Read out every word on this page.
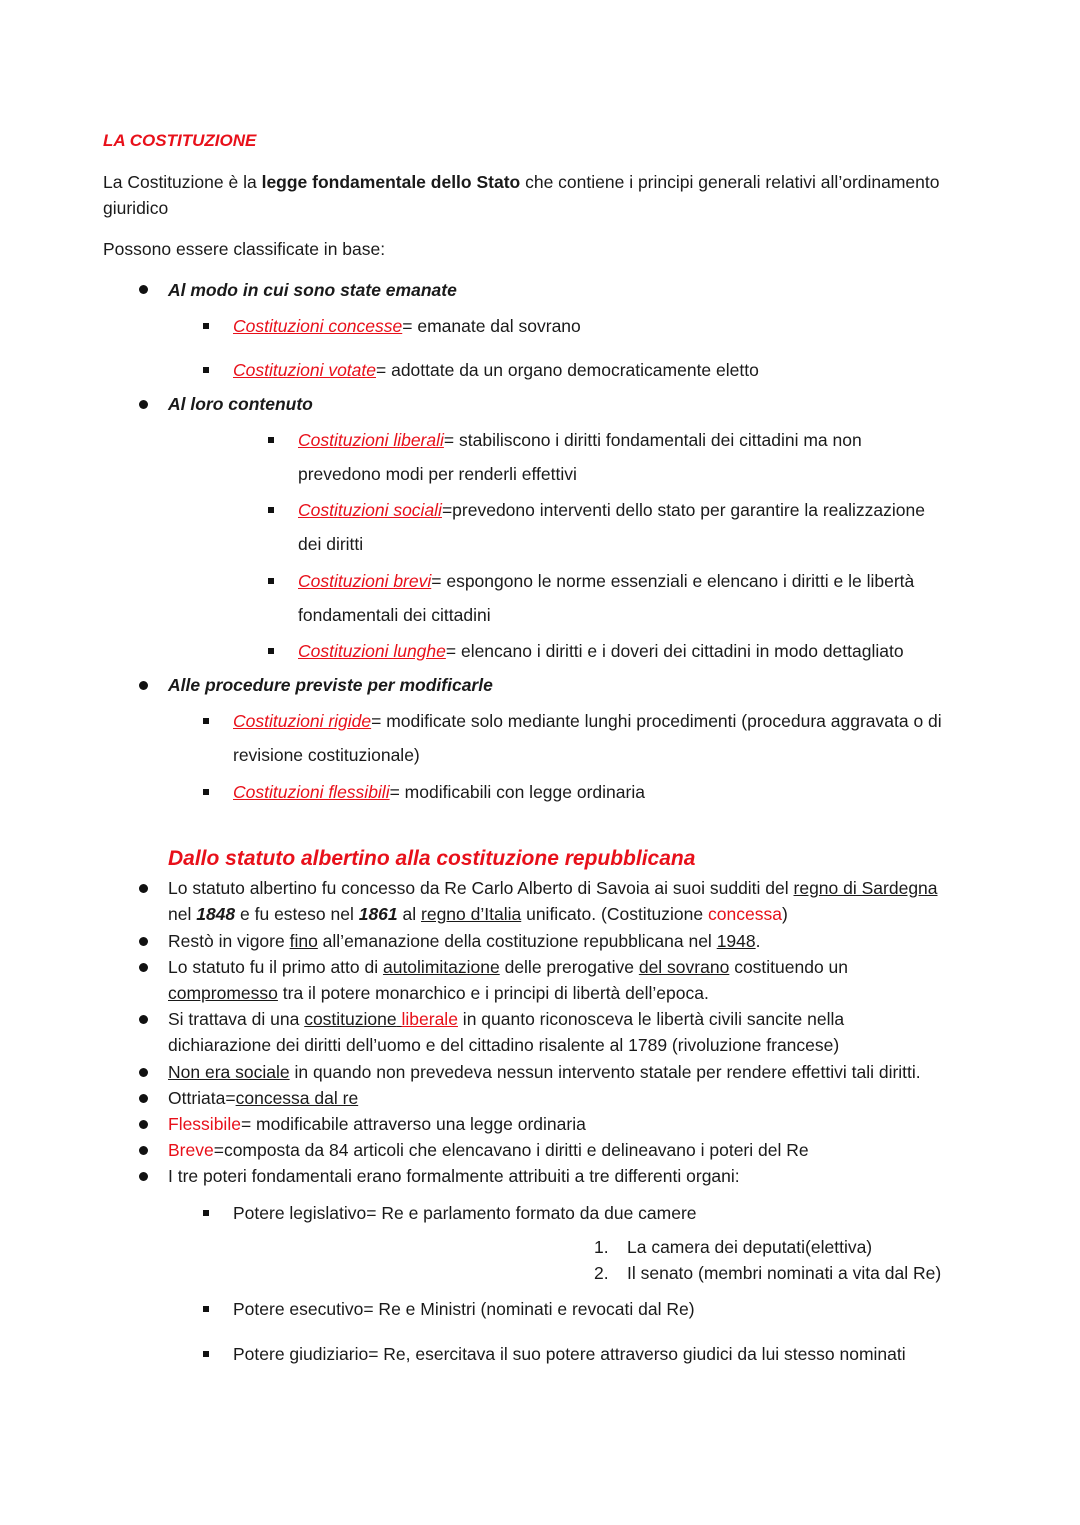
LA COSTITUZIONE
La Costituzione è la legge fondamentale dello Stato che contiene i principi generali relativi all’ordinamento
giuridico
Possono essere classificate in base:
Al modo in cui sono state emanate
Costituzioni concesse= emanate dal sovrano
Costituzioni votate= adottate da un organo democraticamente eletto
Al loro contenuto
Costituzioni liberali= stabiliscono i diritti fondamentali dei cittadini ma non
prevedono modi per renderli effettivi
Costituzioni sociali=prevedono interventi dello stato per garantire la realizzazione
dei diritti
Costituzioni brevi= espongono le norme essenziali e elencano i diritti e le libertà
fondamentali dei cittadini
Costituzioni lunghe= elencano i diritti e i doveri dei cittadini in modo dettagliato
Alle procedure previste per modificarle
Costituzioni rigide= modificate solo mediante lunghi procedimenti (procedura aggravata o di
revisione costituzionale)
Costituzioni flessibili= modificabili con legge ordinaria
Dallo statuto albertino alla costituzione repubblicana
Lo statuto albertino fu concesso da Re Carlo Alberto di Savoia ai suoi sudditi del regno di Sardegna
nel 1848 e fu esteso nel 1861 al regno d’Italia unificato. (Costituzione concessa)
Restò in vigore fino all’emanazione della costituzione repubblicana nel 1948.
Lo statuto fu il primo atto di autolimitazione delle prerogative del sovrano costituendo un
compromesso tra il potere monarchico e i principi di libertà dell’epoca.
Si trattava di una costituzione liberale in quanto riconosceva le libertà civili sancite nella
dichiarazione dei diritti dell’uomo e del cittadino risalente al 1789 (rivoluzione francese)
Non era sociale in quando non prevedeva nessun intervento statale per rendere effettivi tali diritti.
Ottriata=concessa dal re
Flessibile= modificabile attraverso una legge ordinaria
Breve=composta da 84 articoli che elencavano i diritti e delineavano i poteri del Re
I tre poteri fondamentali erano formalmente attribuiti a tre differenti organi:
Potere legislativo= Re e parlamento formato da due camere
1. La camera dei deputati(elettiva)
2. Il senato (membri nominati a vita dal Re)
Potere esecutivo= Re e Ministri (nominati e revocati dal Re)
Potere giudiziario= Re, esercitava il suo potere attraverso giudici da lui stesso nominati
